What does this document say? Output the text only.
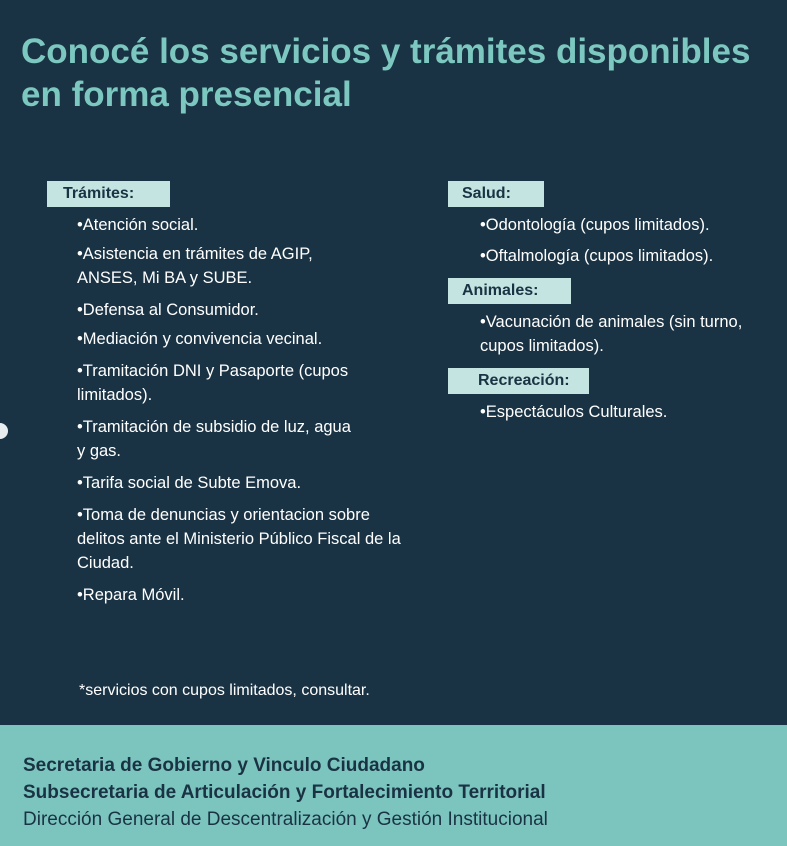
Conocé los servicios y trámites disponibles en forma presencial
Trámites:
•Atención social.
•Asistencia en trámites de AGIP, ANSES, Mi BA y SUBE.
•Defensa al Consumidor.
•Mediación y convivencia vecinal.
•Tramitación DNI y Pasaporte (cupos limitados).
•Tramitación de subsidio de luz, agua y gas.
•Tarifa social de Subte Emova.
•Toma de denuncias y orientacion sobre delitos ante el Ministerio Público Fiscal de la Ciudad.
•Repara Móvil.
Salud:
•Odontología (cupos limitados).
•Oftalmología (cupos limitados).
Animales:
•Vacunación de animales (sin turno, cupos limitados).
Recreación:
•Espectáculos Culturales.
*servicios con cupos limitados, consultar.
Secretaria de Gobierno y Vinculo Ciudadano
Subsecretaria de Articulación y Fortalecimiento Territorial
Dirección General de Descentralización y Gestión Institucional
